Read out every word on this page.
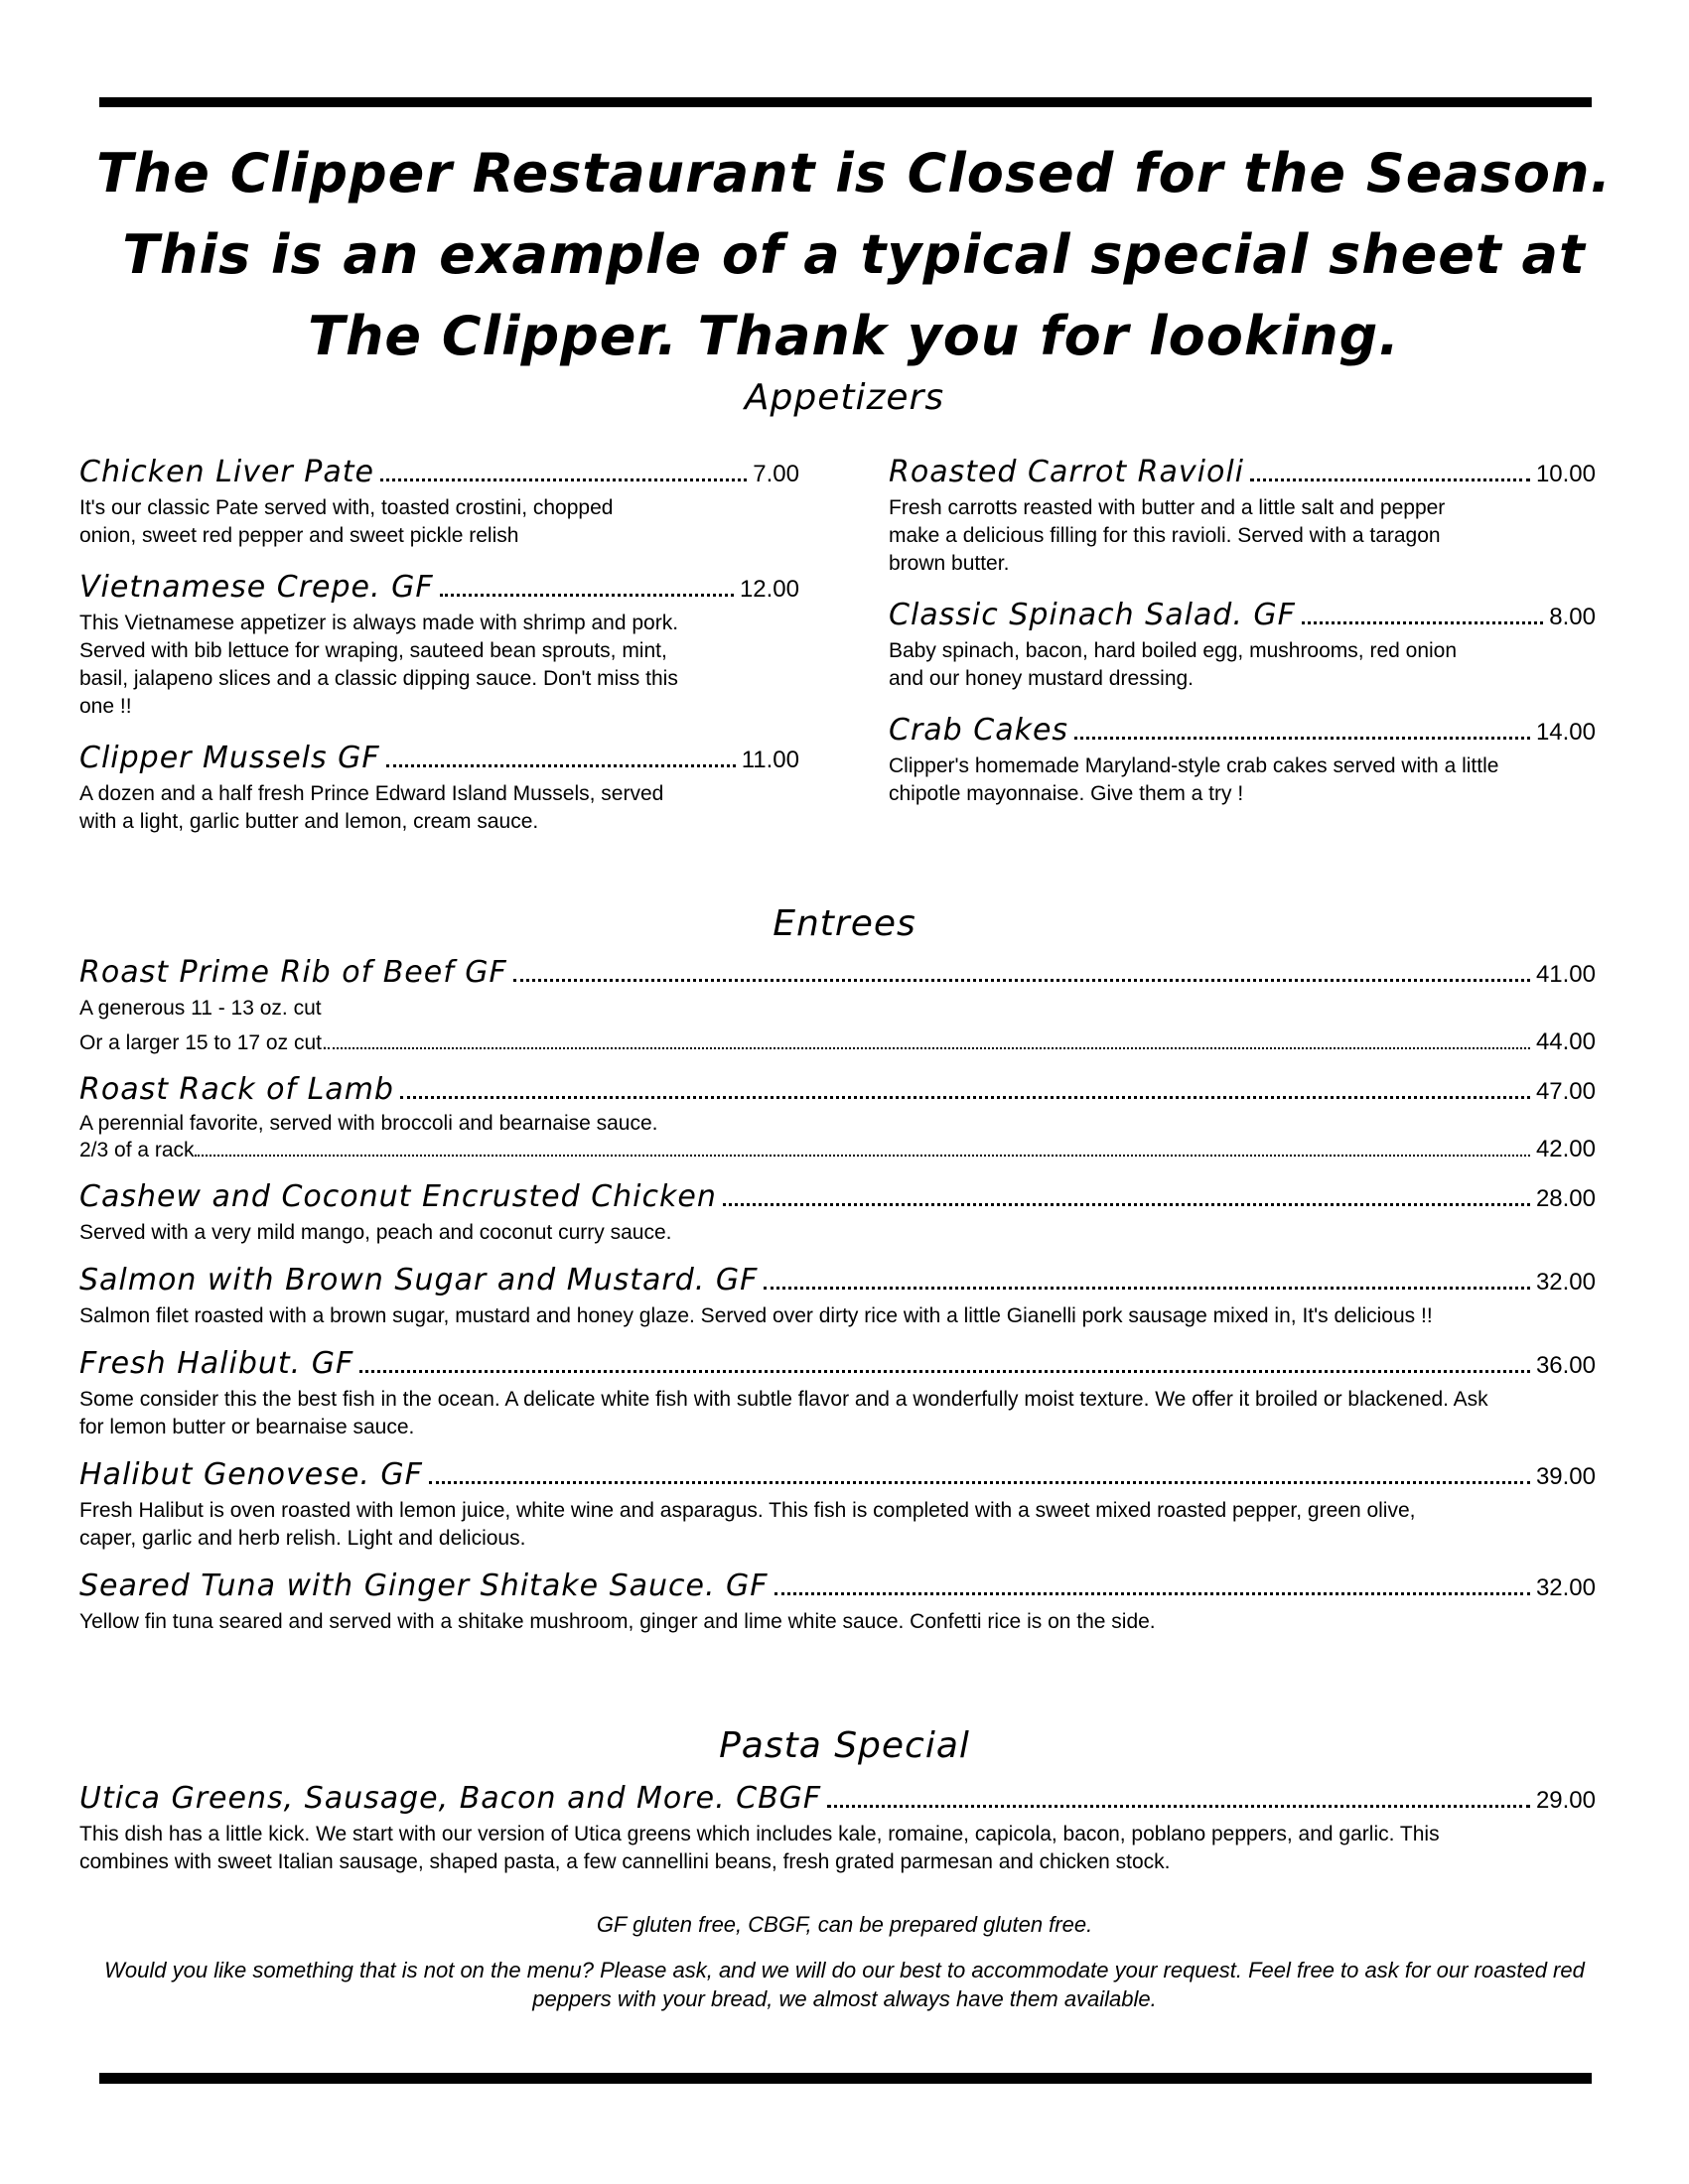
The Clipper Restaurant is Closed for the Season. This is an example of a typical special sheet at The Clipper. Thank you for looking.
Appetizers
Chicken Liver Pate	7.00
It's our classic Pate served with, toasted crostini, chopped onion, sweet red pepper and sweet pickle relish
Vietnamese Crepe. GF	12.00
This Vietnamese appetizer is always made with shrimp and pork. Served with bib lettuce for wraping, sauteed bean sprouts, mint, basil, jalapeno slices and a classic dipping sauce. Don't miss this one !!
Clipper Mussels GF	11.00
A dozen and a half fresh Prince Edward Island Mussels, served with a light, garlic butter and lemon, cream sauce.
Roasted Carrot Ravioli	10.00
Fresh carrotts reasted with butter and a little salt and pepper make a delicious filling for this ravioli. Served with a taragon brown butter.
Classic Spinach Salad. GF	8.00
Baby spinach, bacon, hard boiled egg, mushrooms, red onion and our honey mustard dressing.
Crab Cakes	14.00
Clipper's homemade Maryland-style crab cakes served with a little chipotle mayonnaise. Give them a try !
Entrees
Roast Prime Rib of Beef GF	41.00
A generous 11 - 13 oz. cut
Or a larger 15 to 17 oz cut.	44.00
Roast Rack of Lamb	47.00
A perennial favorite, served with broccoli and bearnaise sauce.
2/3 of a rack	42.00
Cashew and Coconut Encrusted Chicken	28.00
Served with a very mild mango, peach and coconut curry sauce.
Salmon with Brown Sugar and Mustard. GF	32.00
Salmon filet roasted with a brown sugar, mustard and honey glaze. Served over dirty rice with a little Gianelli pork sausage mixed in, It's delicious !!
Fresh Halibut. GF	36.00
Some consider this the best fish in the ocean. A delicate white fish with subtle flavor and a wonderfully moist texture. We offer it broiled or blackened. Ask for lemon butter or bearnaise sauce.
Halibut Genovese. GF	39.00
Fresh Halibut is oven roasted with lemon juice, white wine and asparagus. This fish is completed with a sweet mixed roasted pepper, green olive, caper, garlic and herb relish. Light and delicious.
Seared Tuna with Ginger Shitake Sauce. GF	32.00
Yellow fin tuna seared and served with a shitake mushroom, ginger and lime white sauce. Confetti rice is on the side.
Pasta Special
Utica Greens, Sausage, Bacon and More. CBGF	29.00
This dish has a little kick. We start with our version of Utica greens which includes kale, romaine, capicola, bacon, poblano peppers, and garlic. This combines with sweet Italian sausage, shaped pasta, a few cannellini beans, fresh grated parmesan and chicken stock.
GF gluten free, CBGF, can be prepared gluten free.
Would you like something that is not on the menu? Please ask, and we will do our best to accommodate your request. Feel free to ask for our roasted red peppers with your bread, we almost always have them available.
